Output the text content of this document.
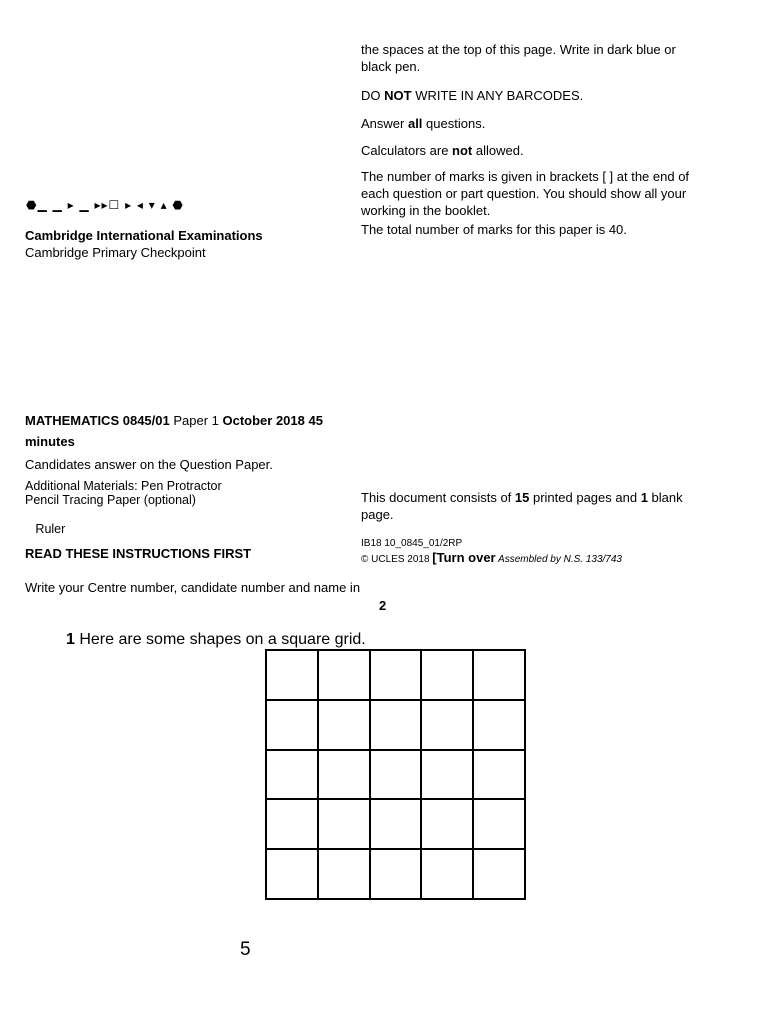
the spaces at the top of this page. Write in dark blue or black pen.
DO NOT WRITE IN ANY BARCODES.
Answer all questions.
Calculators are not allowed.
The number of marks is given in brackets [ ] at the end of each question or part question. You should show all your working in the booklet.
The total number of marks for this paper is 40.
This document consists of 15 printed pages and 1 blank page.
IB18 10_0845_01/2RP
© UCLES 2018 [Turn over Assembled by N.S. 133/743
⬣▁ ▁ ▸ ▁ ▸▸☐ ▸ ◂ ▾ ▴ ⬣
Cambridge International Examinations
Cambridge Primary Checkpoint
MATHEMATICS 0845/01 Paper 1 October 2018 45
minutes
Candidates answer on the Question Paper.
Additional Materials: Pen Protractor
Pencil Tracing Paper (optional)

Ruler

READ THESE INSTRUCTIONS FIRST
Write your Centre number, candidate number and name in
2
1 Here are some shapes on a square grid.
5
